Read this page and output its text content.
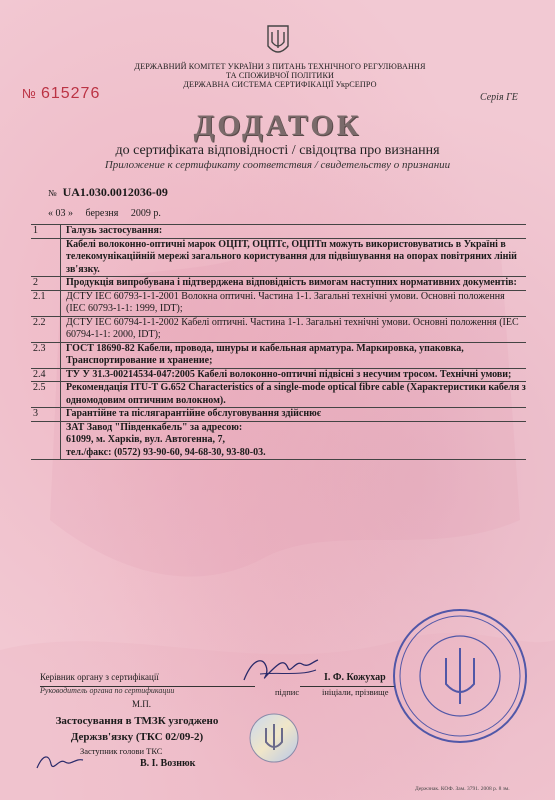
ДЕРЖАВНИЙ КОМІТЕТ УКРАЇНИ З ПИТАНЬ ТЕХНІЧНОГО РЕГУЛЮВАННЯ
ТА СПОЖИВЧОЇ ПОЛІТИКИ
ДЕРЖАВНА СИСТЕМА СЕРТИФІКАЦІЇ УкрСЕПРО
№ 615276	Серія ГЕ
ДОДАТОК
до сертифіката відповідності / свідоцтва про визнання
Приложение к сертификату соответствия / свидетельству о признании
№ UA1.030.0012036-09
« 03 » березня 2009 р.
1	Галузь застосування:
Кабелі волоконно-оптичні марок ОЦПТ, ОЦПТс, ОЦПТп можуть використовуватись в Україні в телекомунікаційній мережі загального користування для підвішування на опорах повітряних ліній зв'язку.
2	Продукція випробувана і підтверджена відповідність вимогам наступних нормативних документів:
2.1	ДСТУ IEC 60793-1-1-2001 Волокна оптичні. Частина 1-1. Загальні технічні умови. Основні положення (IEC 60793-1-1: 1999, IDT);
2.2	ДСТУ IEC 60794-1-1-2002 Кабелі оптичні. Частина 1-1. Загальні технічні умови. Основні положення (IEC 60794-1-1: 2000, IDT);
2.3	ГОСТ 18690-82 Кабели, провода, шнуры и кабельная арматура. Маркировка, упаковка, Транспортирование и хранение;
2.4	ТУ У 31.3-00214534-047:2005 Кабелі волоконно-оптичні підвісні з несучим тросом. Технічні умови;
2.5	Рекомендація ITU-T G.652 Characteristics of a single-mode optical fibre cable (Характеристики кабеля з одномодовим оптичним волокном).
3	Гарантійне та післягарантійне обслуговування здійснює
ЗАТ Завод "Південкабель" за адресою:
61099, м. Харків, вул. Автогенна, 7,
тел./факс: (0572) 93-90-60, 94-68-30, 93-80-03.
Керівник органу з сертифікації
Руководитель органа по сертификации	підпис
І. Ф. Кожухар
ініціали, прізвище
М.П.
Застосування в ТМЗК узгоджено
Держзв'язку (ТКС 02/09-2)
Заступник голови ТКС
В. І. Вознюк
Держзнак. КОФ. Зам. 3791. 2008 р. 8 зм.
